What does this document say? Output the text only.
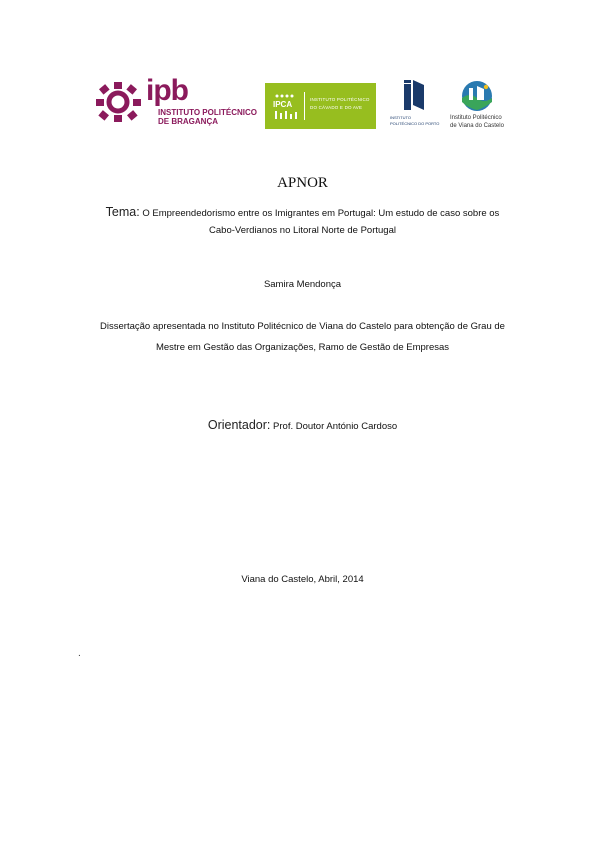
ipb
INSTITUTO POLITÉCNICO
DE BRAGANÇA
IPCA
INSTITUTO POLITÉCNICO
DO CÁVADO E DO AVE
INSTITUTO
POLITÉCNICO DO PORTO
Instituto Politécnico
de Viana do Castelo
APNOR
Tema: O Empreendedorismo entre os Imigrantes em Portugal: Um estudo de caso sobre os
Cabo-Verdianos no Litoral Norte de Portugal
Samira Mendonça
Dissertação apresentada no Instituto Politécnico de Viana do Castelo para obtenção de Grau de
Mestre em Gestão das Organizações, Ramo de Gestão de Empresas
Orientador: Prof. Doutor António Cardoso
Viana do Castelo, Abril, 2014
.
